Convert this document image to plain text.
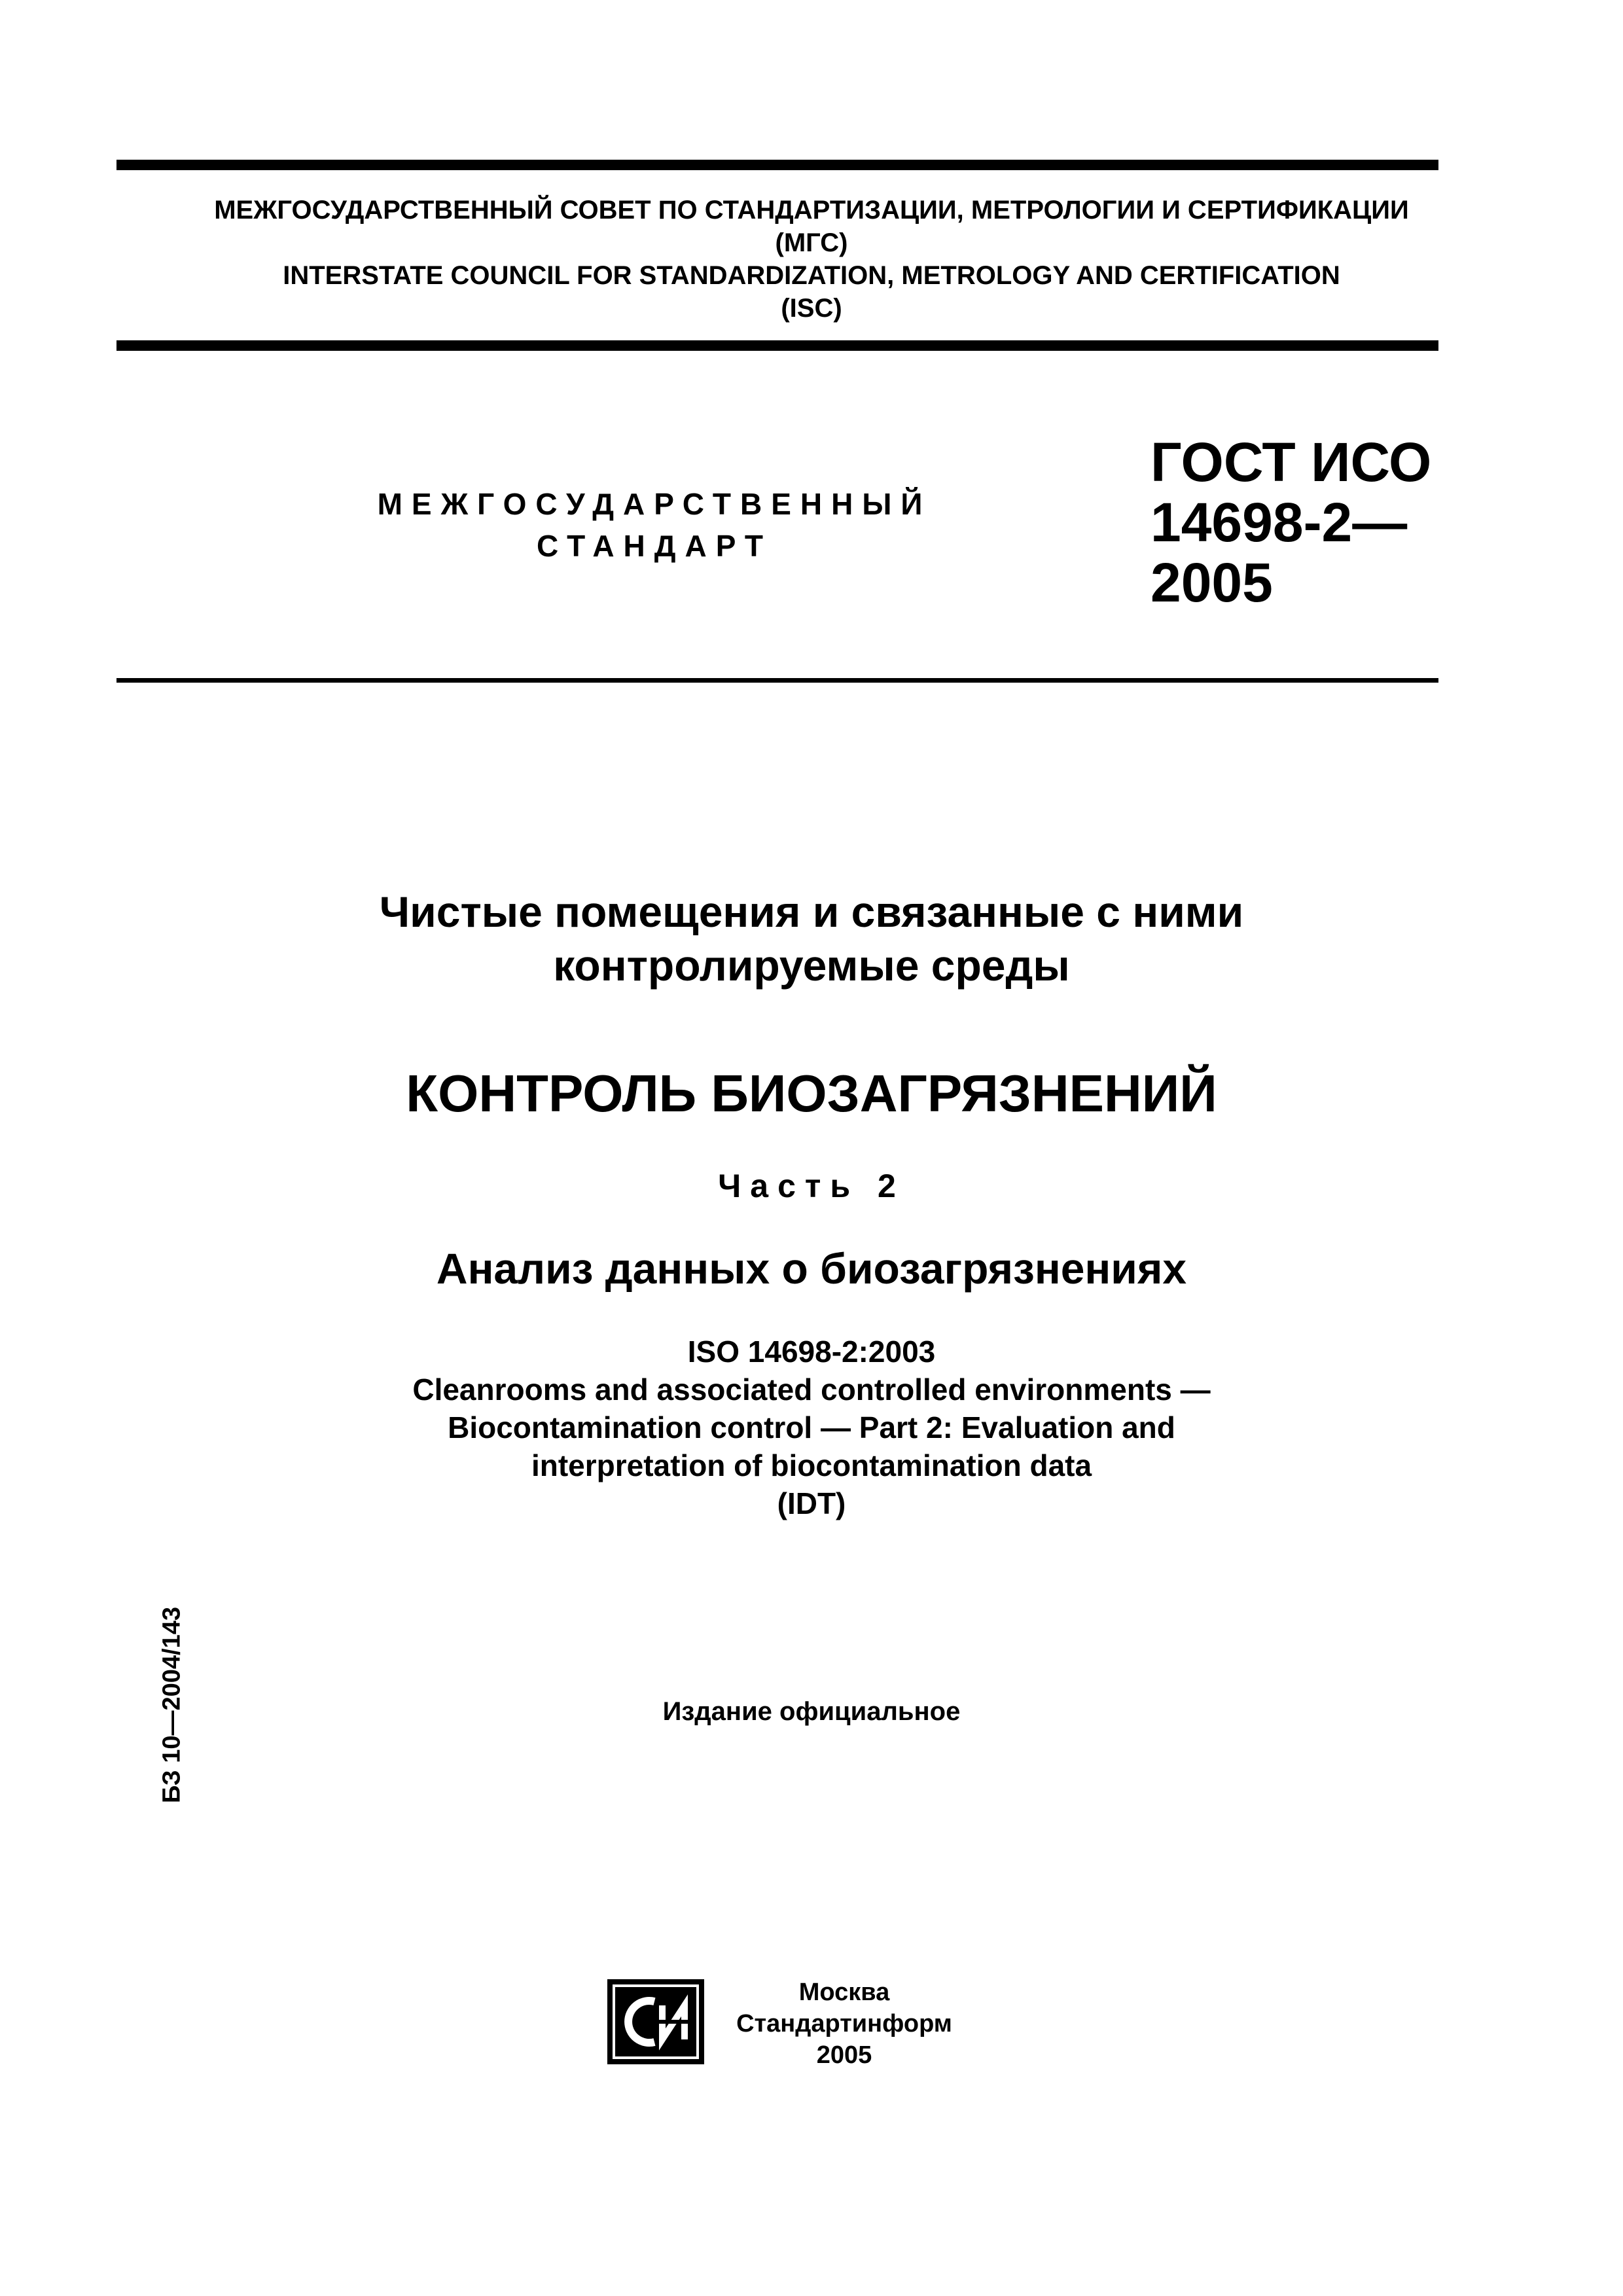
МЕЖГОСУДАРСТВЕННЫЙ СОВЕТ ПО СТАНДАРТИЗАЦИИ, МЕТРОЛОГИИ И СЕРТИФИКАЦИИ
(МГС)
INTERSTATE COUNCIL FOR STANDARDIZATION, METROLOGY AND CERTIFICATION
(ISC)
МЕЖГОСУДАРСТВЕННЫЙ
СТАНДАРТ
ГОСТ ИСО
14698-2—
2005
Чистые помещения и связанные с ними
контролируемые среды
КОНТРОЛЬ БИОЗАГРЯЗНЕНИЙ
Часть 2
Анализ данных о биозагрязнениях
ISO 14698-2:2003
Cleanrooms and associated controlled environments —
Biocontamination control — Part 2: Evaluation and
interpretation of biocontamination data
(IDT)
Издание официальное
БЗ 10—2004/143
Москва
Стандартинформ
2005
